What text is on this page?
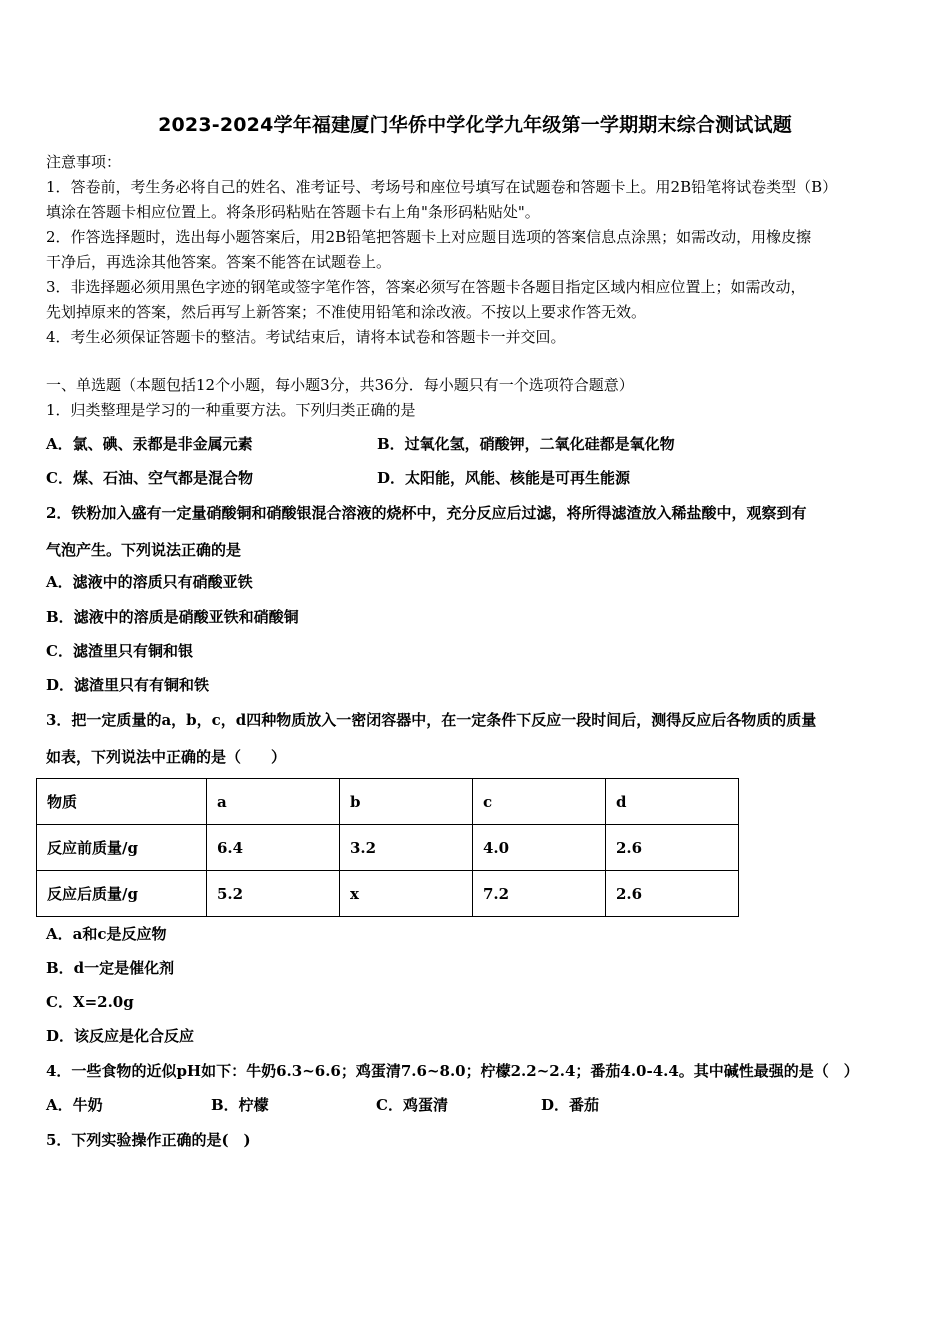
2023-2024学年福建厦门华侨中学化学九年级第一学期期末综合测试试题
注意事项：
1．答卷前，考生务必将自己的姓名、准考证号、考场号和座位号填写在试题卷和答题卡上。用2B铅笔将试卷类型（B）
填涂在答题卡相应位置上。将条形码粘贴在答题卡右上角"条形码粘贴处"。
2．作答选择题时，选出每小题答案后，用2B铅笔把答题卡上对应题目选项的答案信息点涂黑；如需改动，用橡皮擦
干净后，再选涂其他答案。答案不能答在试题卷上。
3．非选择题必须用黑色字迹的钢笔或签字笔作答，答案必须写在答题卡各题目指定区域内相应位置上；如需改动，
先划掉原来的答案，然后再写上新答案；不准使用铅笔和涂改液。不按以上要求作答无效。
4．考生必须保证答题卡的整洁。考试结束后，请将本试卷和答题卡一并交回。
一、单选题（本题包括12个小题，每小题3分，共36分．每小题只有一个选项符合题意）
1．归类整理是学习的一种重要方法。下列归类正确的是
A．氯、碘、汞都是非金属元素	B．过氧化氢，硝酸钾，二氧化硅都是氧化物
C．煤、石油、空气都是混合物	D．太阳能，风能、核能是可再生能源
2．铁粉加入盛有一定量硝酸铜和硝酸银混合溶液的烧杯中，充分反应后过滤，将所得滤渣放入稀盐酸中，观察到有
气泡产生。下列说法正确的是
A．滤液中的溶质只有硝酸亚铁
B．滤液中的溶质是硝酸亚铁和硝酸铜
C．滤渣里只有铜和银
D．滤渣里只有有铜和铁
3．把一定质量的a，b，c，d四种物质放入一密闭容器中，在一定条件下反应一段时间后，测得反应后各物质的质量
如表，下列说法中正确的是（　　）
物质	a	b	c	d
反应前质量/g	6.4	3.2	4.0	2.6
反应后质量/g	5.2	x	7.2	2.6
A．a和c是反应物
B．d一定是催化剂
C．X=2.0g
D．该反应是化合反应
4．一些食物的近似pH如下：牛奶6.3~6.6；鸡蛋清7.6~8.0；柠檬2.2~2.4；番茄4.0-4.4。其中碱性最强的是（　）
A．牛奶	B．柠檬	C．鸡蛋清	D．番茄
5．下列实验操作正确的是(　)
